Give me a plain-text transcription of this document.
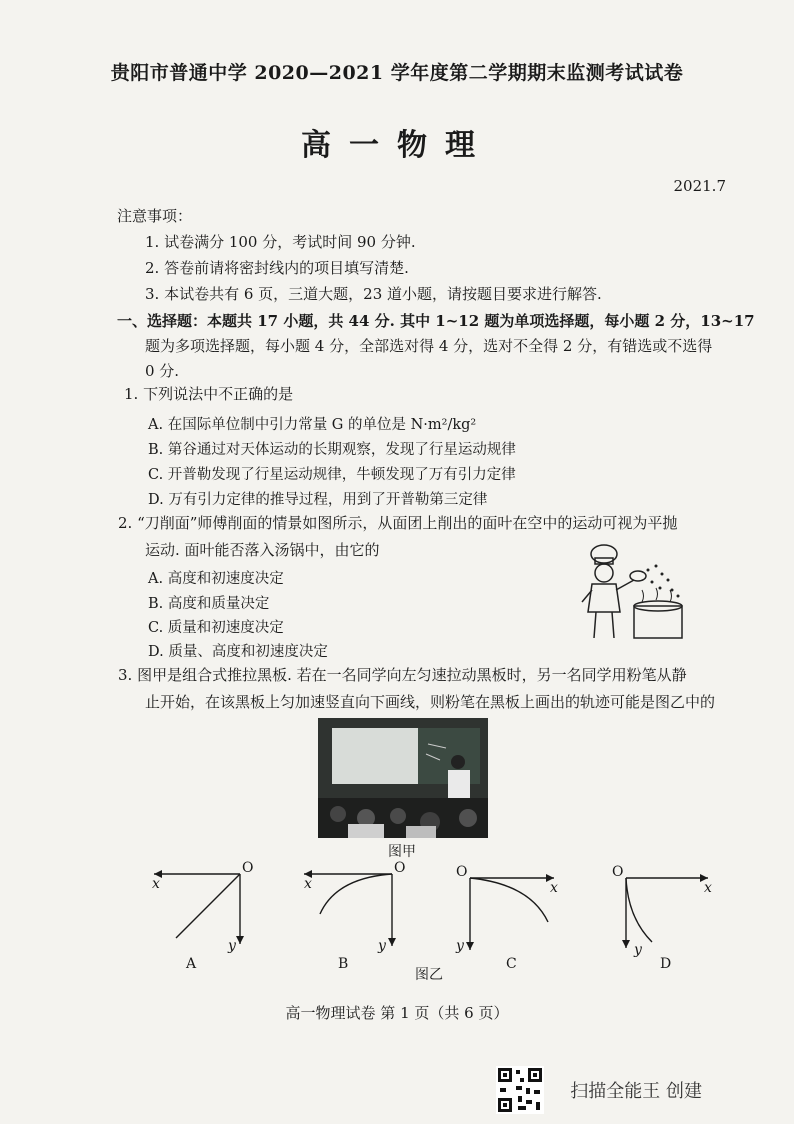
贵阳市普通中学 2020—2021 学年度第二学期期末监测考试试卷
高一物理
2021.7
注意事项：
1. 试卷满分 100 分，考试时间 90 分钟.
2. 答卷前请将密封线内的项目填写清楚.
3. 本试卷共有 6 页，三道大题，23 道小题，请按题目要求进行解答.
一、选择题：本题共 17 小题，共 44 分. 其中 1~12 题为单项选择题，每小题 2 分，13~17
题为多项选择题，每小题 4 分，全部选对得 4 分，选对不全得 2 分，有错选或不选得
0 分.
1. 下列说法中不正确的是
A. 在国际单位制中引力常量 G 的单位是 N·m²/kg²
B. 第谷通过对天体运动的长期观察，发现了行星运动规律
C. 开普勒发现了行星运动规律，牛顿发现了万有引力定律
D. 万有引力定律的推导过程，用到了开普勒第三定律
2. “刀削面”师傅削面的情景如图所示，从面团上削出的面叶在空中的运动可视为平抛
运动. 面叶能否落入汤锅中，由它的
A. 高度和初速度决定
B. 高度和质量决定
C. 质量和初速度决定
D. 质量、高度和初速度决定
3. 图甲是组合式推拉黑板. 若在一名同学向左匀速拉动黑板时，另一名同学用粉笔从静
止开始，在该黑板上匀加速竖直向下画线，则粉笔在黑板上画出的轨迹可能是图乙中的
图甲
O
x
y
A
O
x
y
B
O
x
y
C
O
x
y
D
图乙
高一物理试卷 第 1 页（共 6 页）
扫描全能王 创建
